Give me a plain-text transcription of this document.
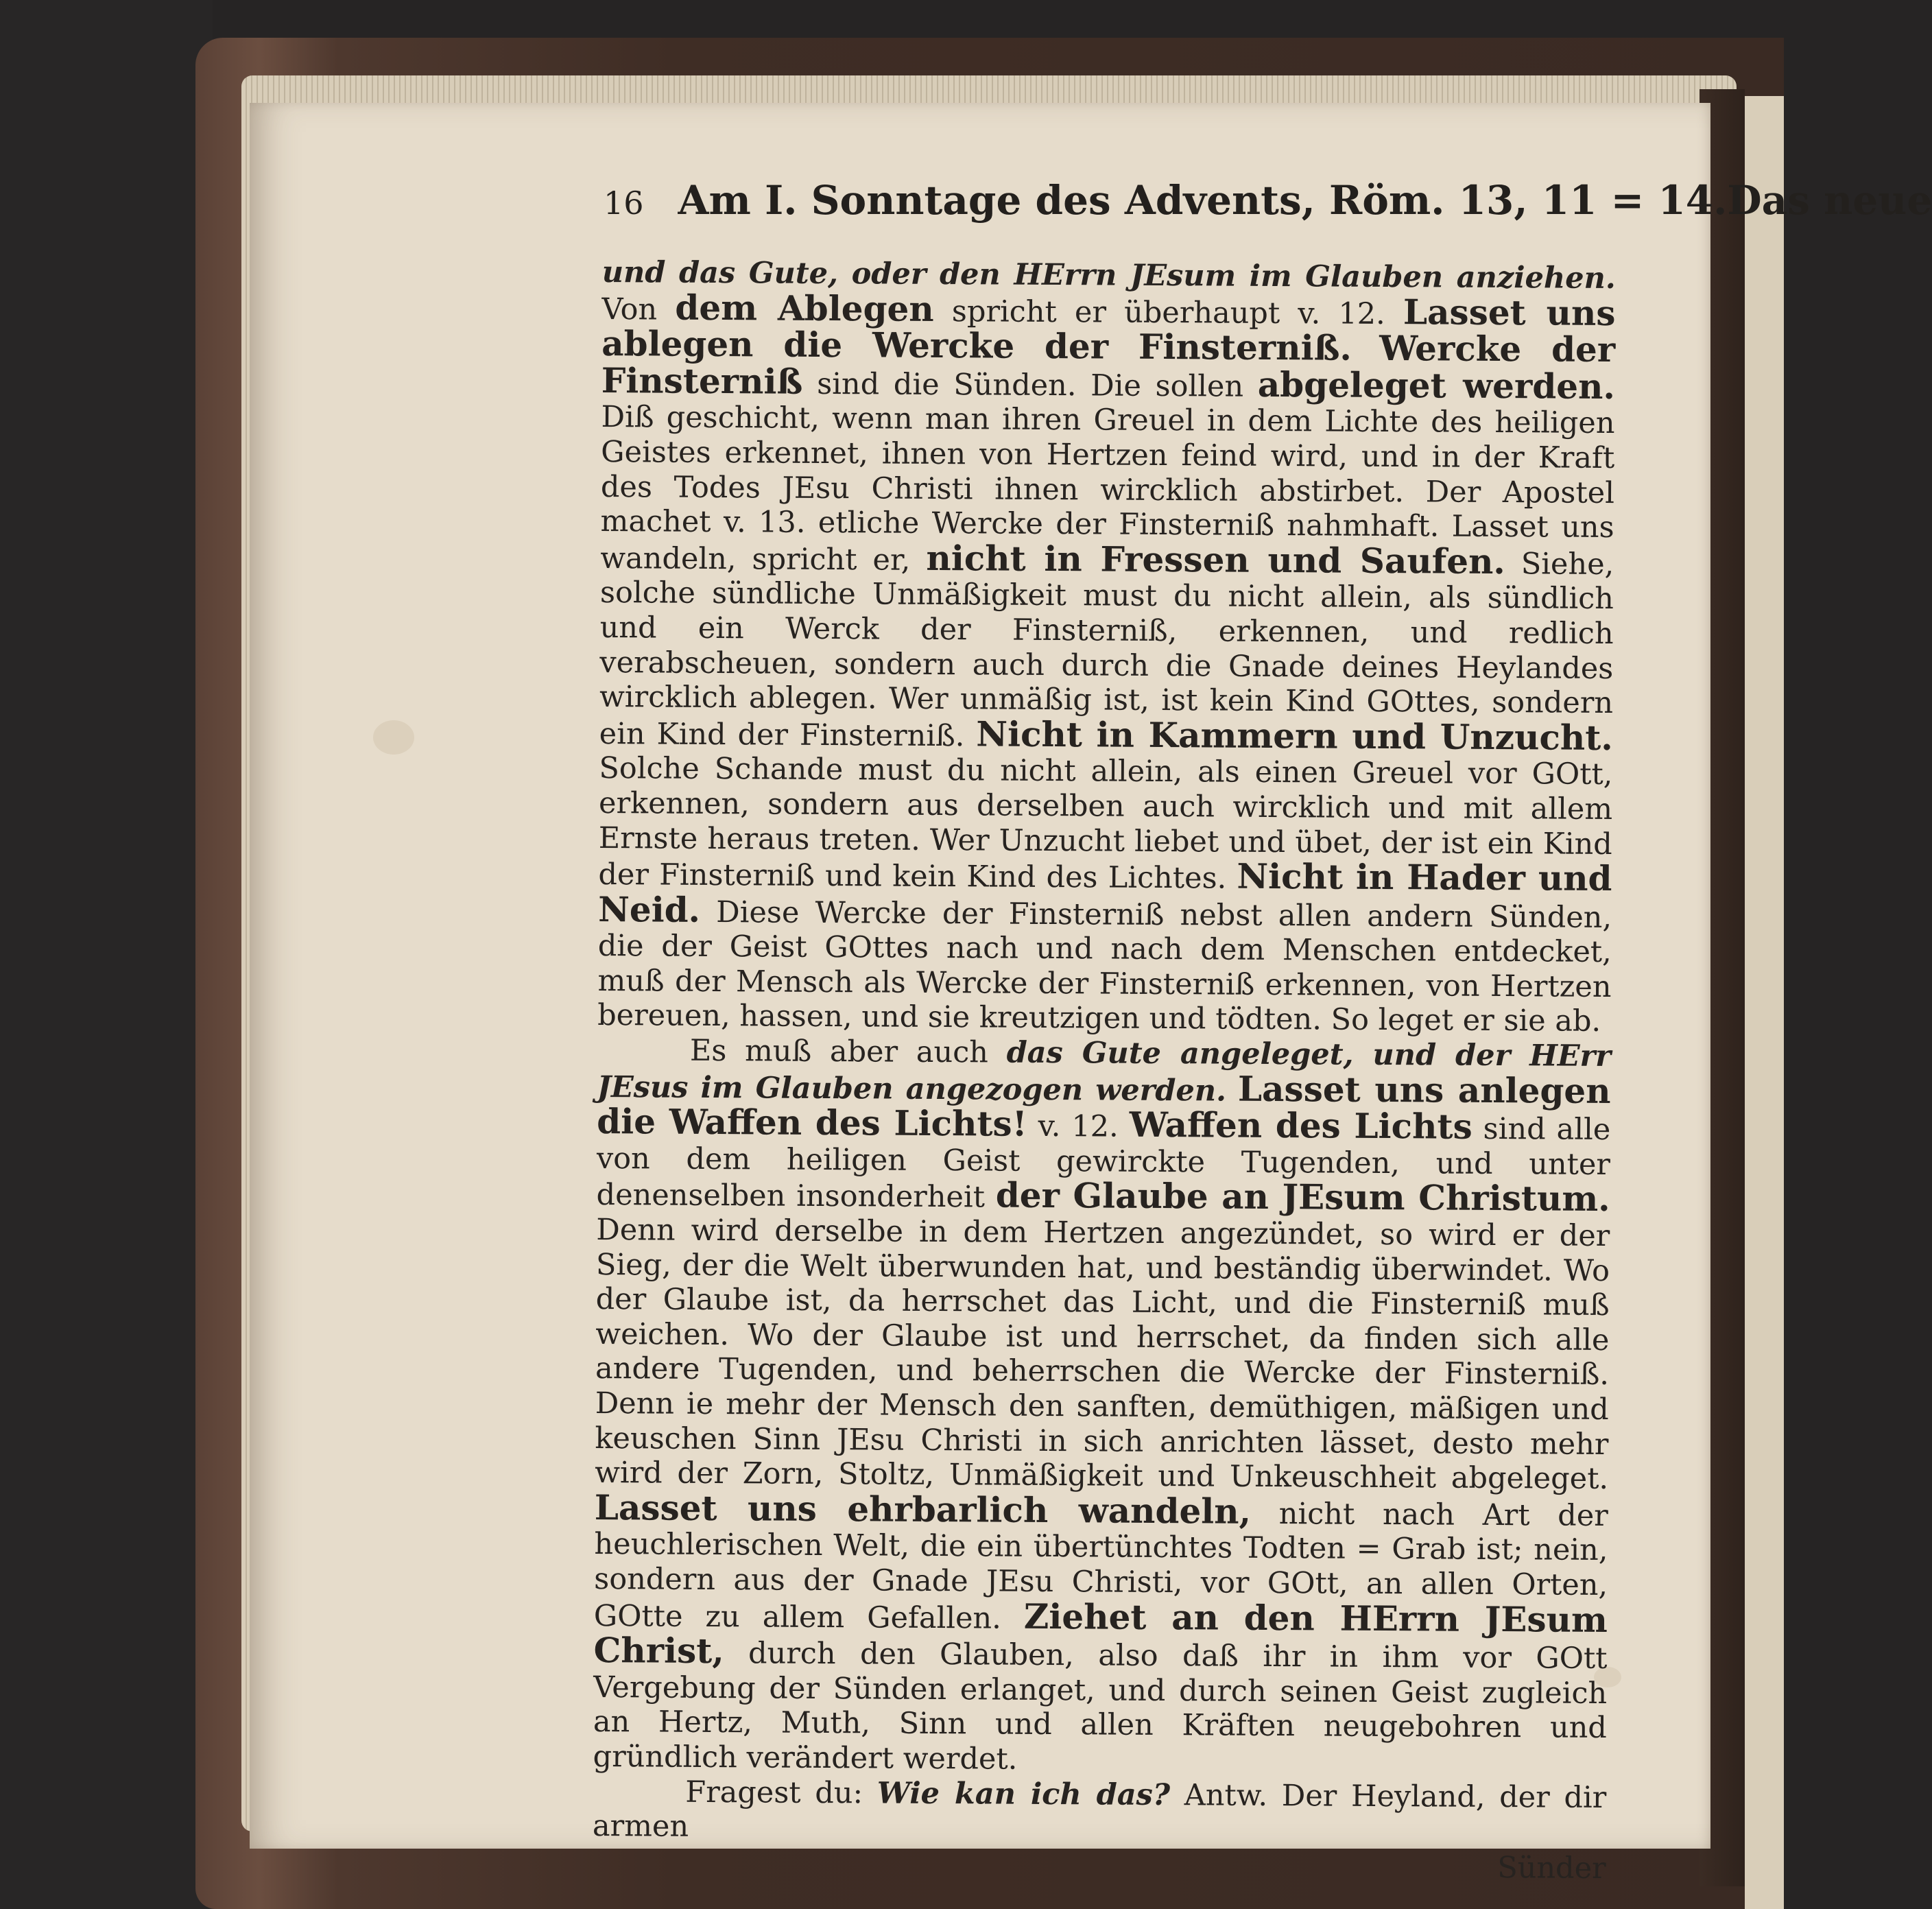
16 Am I. Sonntage des Advents, Röm. 13, 11 = 14. Das neue

und das Gute, oder den HErrn JEsum im Glauben anziehen. Von dem Ablegen spricht er überhaupt v. 12. Lasset uns ablegen die Wercke der Finsterniß. Wercke der Finsterniß sind die Sünden. Die sollen abgeleget werden. Diß geschicht, wenn man ihren Greuel in dem Lichte des heiligen Geistes erkennet, ihnen von Hertzen feind wird, und in der Kraft des Todes JEsu Christi ihnen wircklich abstirbet. Der Apostel machet v. 13. etliche Wercke der Finsterniß nahmhaft. Lasset uns wandeln, spricht er, nicht in Fressen und Saufen. Siehe, solche sündliche Unmäßigkeit must du nicht allein, als sündlich und ein Werck der Finsterniß, erkennen, und redlich verabscheuen, sondern auch durch die Gnade deines Heylandes wircklich ablegen. Wer unmäßig ist, ist kein Kind GOttes, sondern ein Kind der Finsterniß. Nicht in Kammern und Unzucht. Solche Schande must du nicht allein, als einen Greuel vor GOtt, erkennen, sondern aus derselben auch wircklich und mit allem Ernste heraus treten. Wer Unzucht liebet und übet, der ist ein Kind der Finsterniß und kein Kind des Lichtes. Nicht in Hader und Neid. Diese Wercke der Finsterniß nebst allen andern Sünden, die der Geist GOttes nach und nach dem Menschen entdecket, muß der Mensch als Wercke der Finsterniß erkennen, von Hertzen bereuen, hassen, und sie kreutzigen und tödten. So leget er sie ab.

Es muß aber auch das Gute angeleget, und der HErr JEsus im Glauben angezogen werden. Lasset uns anlegen die Waffen des Lichts! v. 12. Waffen des Lichts sind alle von dem heiligen Geist gewirckte Tugenden, und unter denenselben insonderheit der Glaube an JEsum Christum. Denn wird derselbe in dem Hertzen angezündet, so wird er der Sieg, der die Welt überwunden hat, und beständig überwindet. Wo der Glaube ist, da herrschet das Licht, und die Finsterniß muß weichen. Wo der Glaube ist und herrschet, da finden sich alle andere Tugenden, und beherrschen die Wercke der Finsterniß. Denn ie mehr der Mensch den sanften, demüthigen, mäßigen und keuschen Sinn JEsu Christi in sich anrichten lässet, desto mehr wird der Zorn, Stoltz, Unmäßigkeit und Unkeuschheit abgeleget. Lasset uns ehrbarlich wandeln, nicht nach Art der heuchlerischen Welt, die ein übertünchtes Todten = Grab ist; nein, sondern aus der Gnade JEsu Christi, vor GOtt, an allen Orten, GOtte zu allem Gefallen. Ziehet an den HErrn JEsum Christ, durch den Glauben, also daß ihr in ihm vor GOtt Vergebung der Sünden erlanget, und durch seinen Geist zugleich an Hertz, Muth, Sinn und allen Kräften neugebohren und gründlich verändert werdet.

Fragest du: Wie kan ich das? Antw. Der Heyland, der dir armen

Sünder
